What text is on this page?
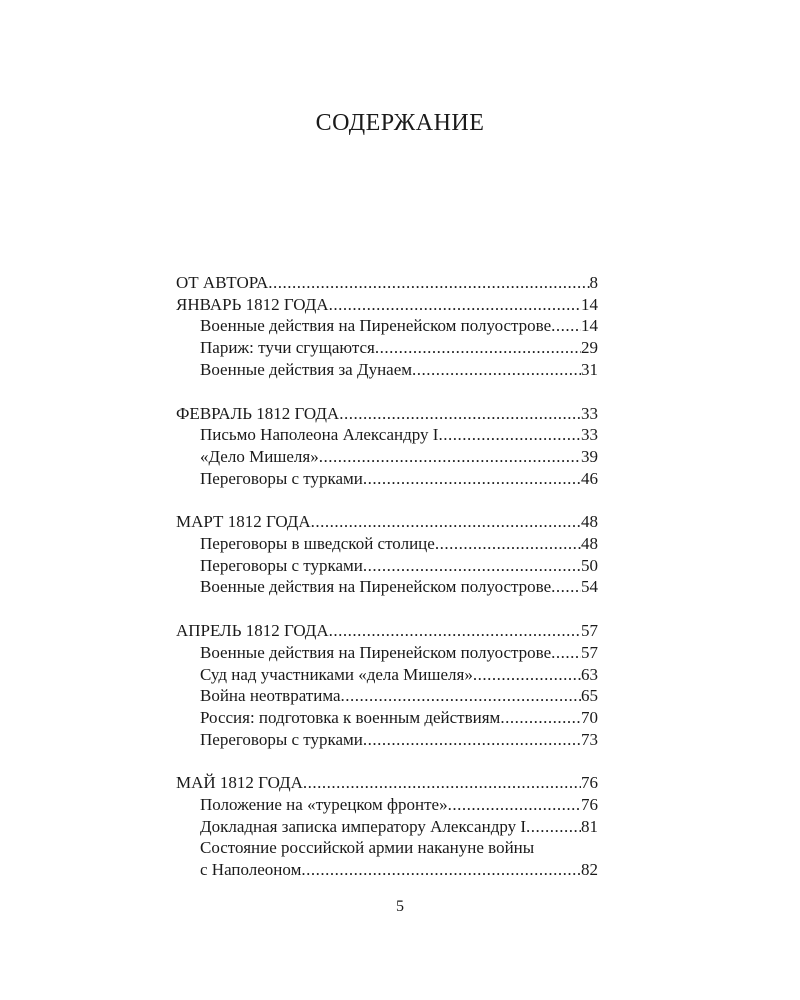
СОДЕРЖАНИЕ
ОТ АВТОРА .....	8
ЯНВАРЬ 1812 ГОДА .....	14
Военные действия на Пиренейском полуострове ..... 14
Париж: тучи сгущаются .....	29
Военные действия за Дунаем .....	31
ФЕВРАЛЬ 1812 ГОДА .....	33
Письмо Наполеона Александру I .....	33
«Дело Мишеля» .....	39
Переговоры с турками .....	46
МАРТ 1812 ГОДА .....	48
Переговоры в шведской столице .....	48
Переговоры с турками .....	50
Военные действия на Пиренейском полуострове ..... 54
АПРЕЛЬ 1812 ГОДА .....	57
Военные действия на Пиренейском полуострове ..... 57
Суд над участниками «дела Мишеля» .....	63
Война неотвратима .....	65
Россия: подготовка к военным действиям .....	70
Переговоры с турками .....	73
МАЙ 1812 ГОДА .....	76
Положение на «турецком фронте» .....	76
Докладная записка императору Александру I .....	81
Состояние российской армии накануне войны
с Наполеоном .....	82
5
